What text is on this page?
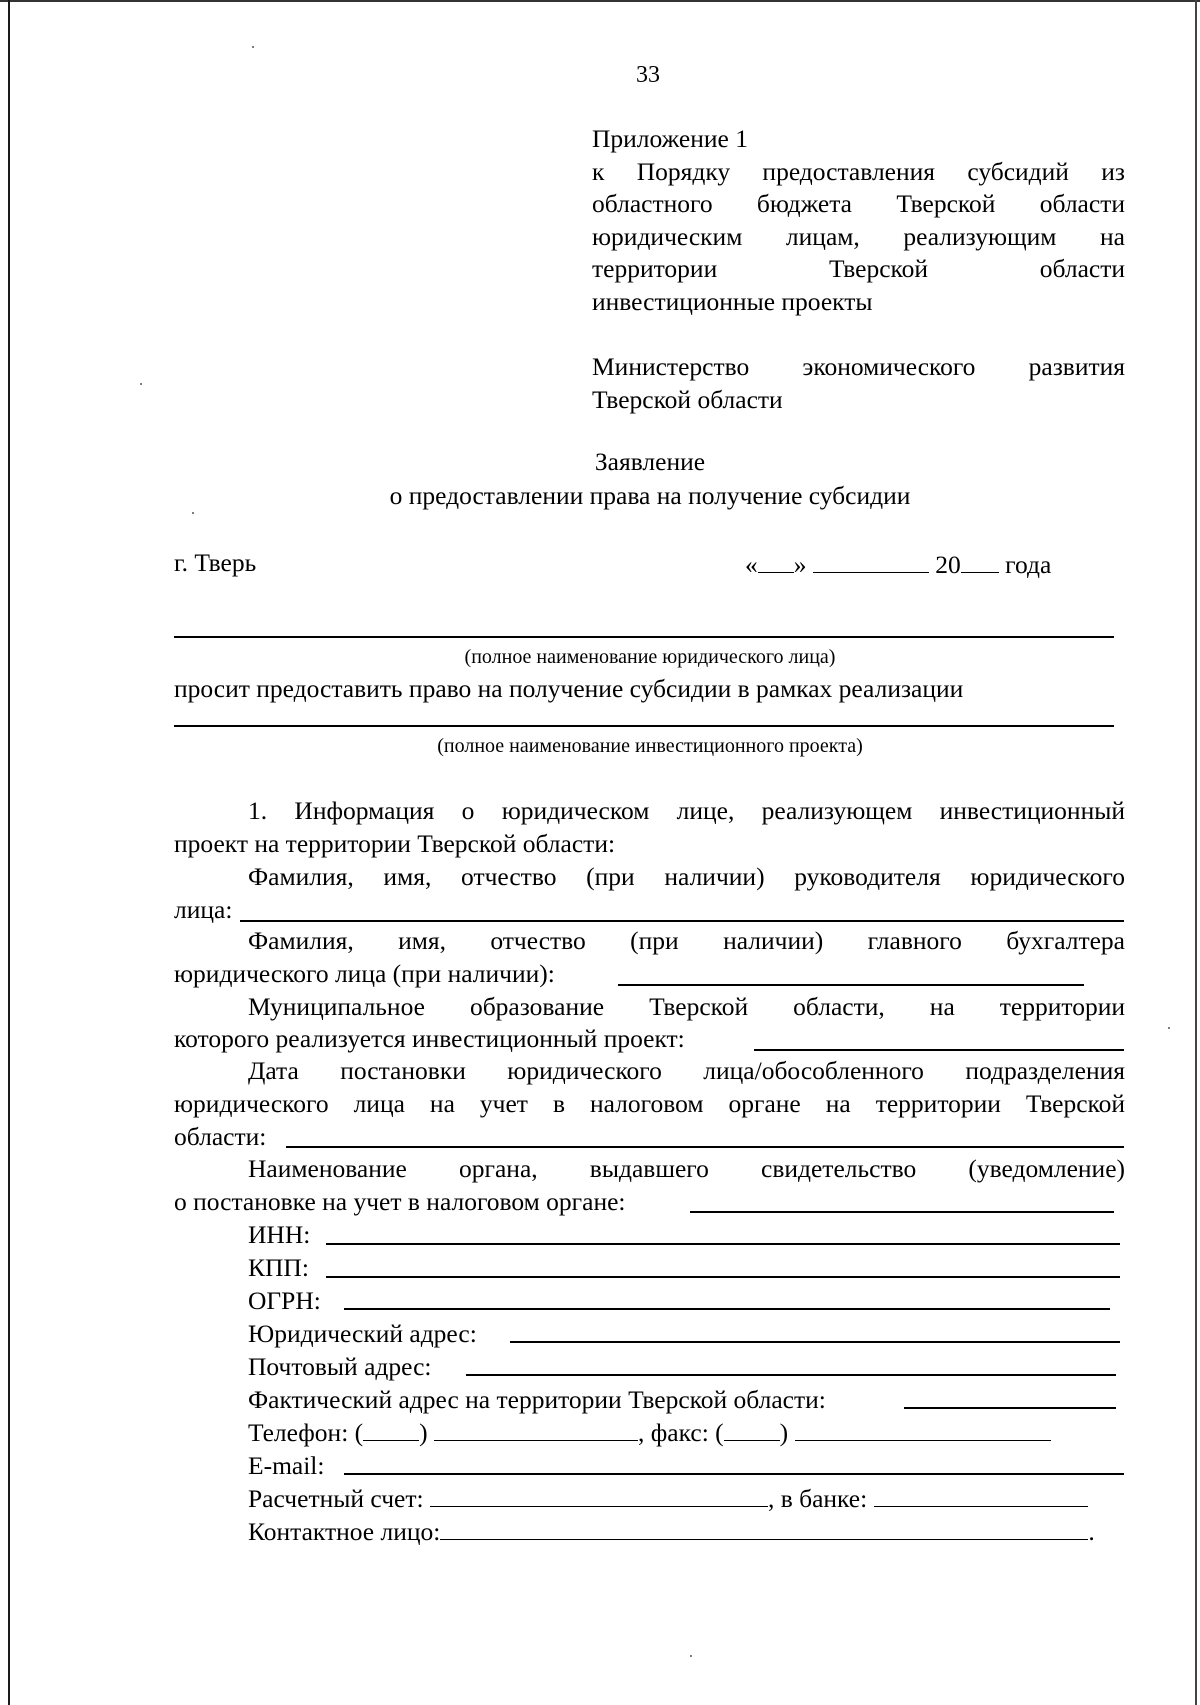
33
Приложение 1
к Порядку предоставления субсидий из
областного бюджета Тверской области
юридическим лицам, реализующим на
территории Тверской области
инвестиционные проекты
Министерство экономического развития
Тверской области
Заявление
о предоставлении права на получение субсидии
г. Тверь	« »	20 года
(полное наименование юридического лица)
просит предоставить право на получение субсидии в рамках реализации
(полное наименование инвестиционного проекта)
1. Информация о юридическом лице, реализующем инвестиционный
проект на территории Тверской области:
Фамилия, имя, отчество (при наличии) руководителя юридического
лица:
Фамилия, имя, отчество (при наличии) главного бухгалтера
юридического лица (при наличии):
Муниципальное образование Тверской области, на территории
которого реализуется инвестиционный проект:
Дата постановки юридического лица/обособленного подразделения
юридического лица на учет в налоговом органе на территории Тверской
области:
Наименование органа, выдавшего свидетельство (уведомление)
о постановке на учет в налоговом органе:
ИНН:
КПП:
ОГРН:
Юридический адрес:
Почтовый адрес:
Фактический адрес на территории Тверской области:
Телефон: ( )	, факс: ( )
E-mail:
Расчетный счет:	, в банке:
Контактное лицо:	.
